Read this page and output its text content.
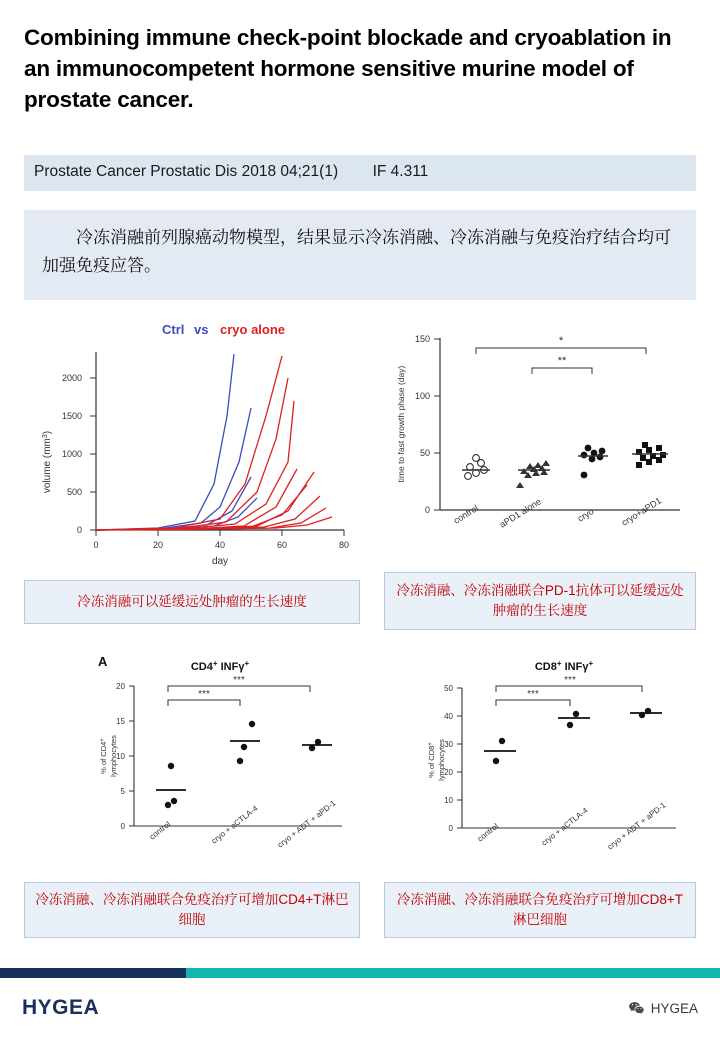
Combining immune check-point blockade and cryoablation in an immunocompetent hormone sensitive murine model of prostate cancer.
Prostate Cancer Prostatic Dis 2018 04;21(1)        IF 4.311
冷冻消融前列腺癌动物模型，结果显示冷冻消融、冷冻消融与免疫治疗结合均可加强免疫应答。
Ctrl vs cryo alone
0
500
1000
1500
2000
0	20	40	60	80
day
volume $(mm^3)$
0
50
100
150
time to fast growth phase (day)
*
**
control aPD1 alone	cryo	cryo+aPD1
冷冻消融可以延缓远处肿瘤的生长速度
冷冻消融、冷冻消融联合PD-1抗体可以延缓远处肿瘤的生长速度
A	CD4+ INFγ+
0
5
10
15
20
% of CD4+ lymphocytes
***
***
control	cryo + aCTLA-4 cryo + ADT + aPD-1
CD8+ INFγ+
0
10
20
30
40
50
% of CD8+ lymphocytes
***
***
control	cryo + aCTLA-4 cryo + ADT + aPD-1
冷冻消融、冷冻消融联合免疫治疗可增加CD4+T淋巴细胞
冷冻消融、冷冻消融联合免疫治疗可增加CD8+T淋巴细胞
HYGEA	HYGEA
